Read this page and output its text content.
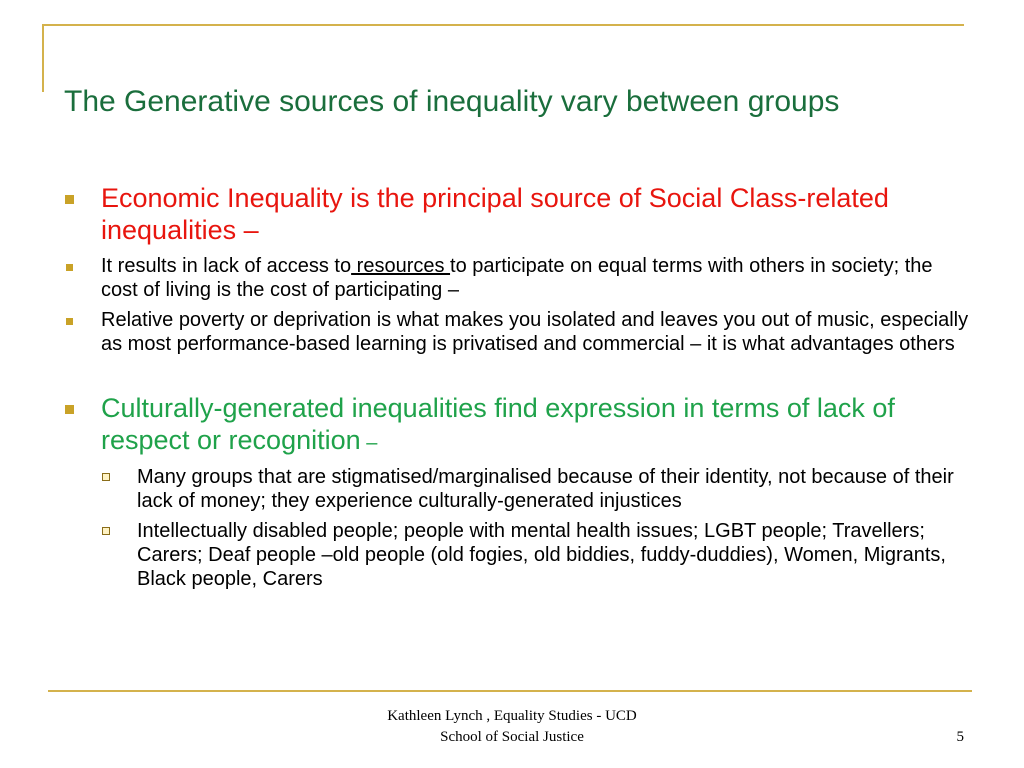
The Generative sources of inequality vary between groups
Economic Inequality is the principal source of Social Class-related inequalities –
It results in lack of access to resources to participate on equal terms with others in society; the cost of living is the cost of participating –
Relative poverty or deprivation is what makes you isolated and leaves you out of music, especially as most performance-based learning is privatised and commercial – it is what advantages others
Culturally-generated inequalities find expression in terms of lack of respect or recognition –
Many groups that are stigmatised/marginalised because of their identity, not because of their lack of money; they experience culturally-generated injustices
Intellectually disabled people; people with mental health issues; LGBT people; Travellers; Carers; Deaf people –old people (old fogies, old biddies, fuddy-duddies), Women, Migrants, Black people, Carers
Kathleen Lynch , Equality Studies - UCD
School of Social Justice	5
